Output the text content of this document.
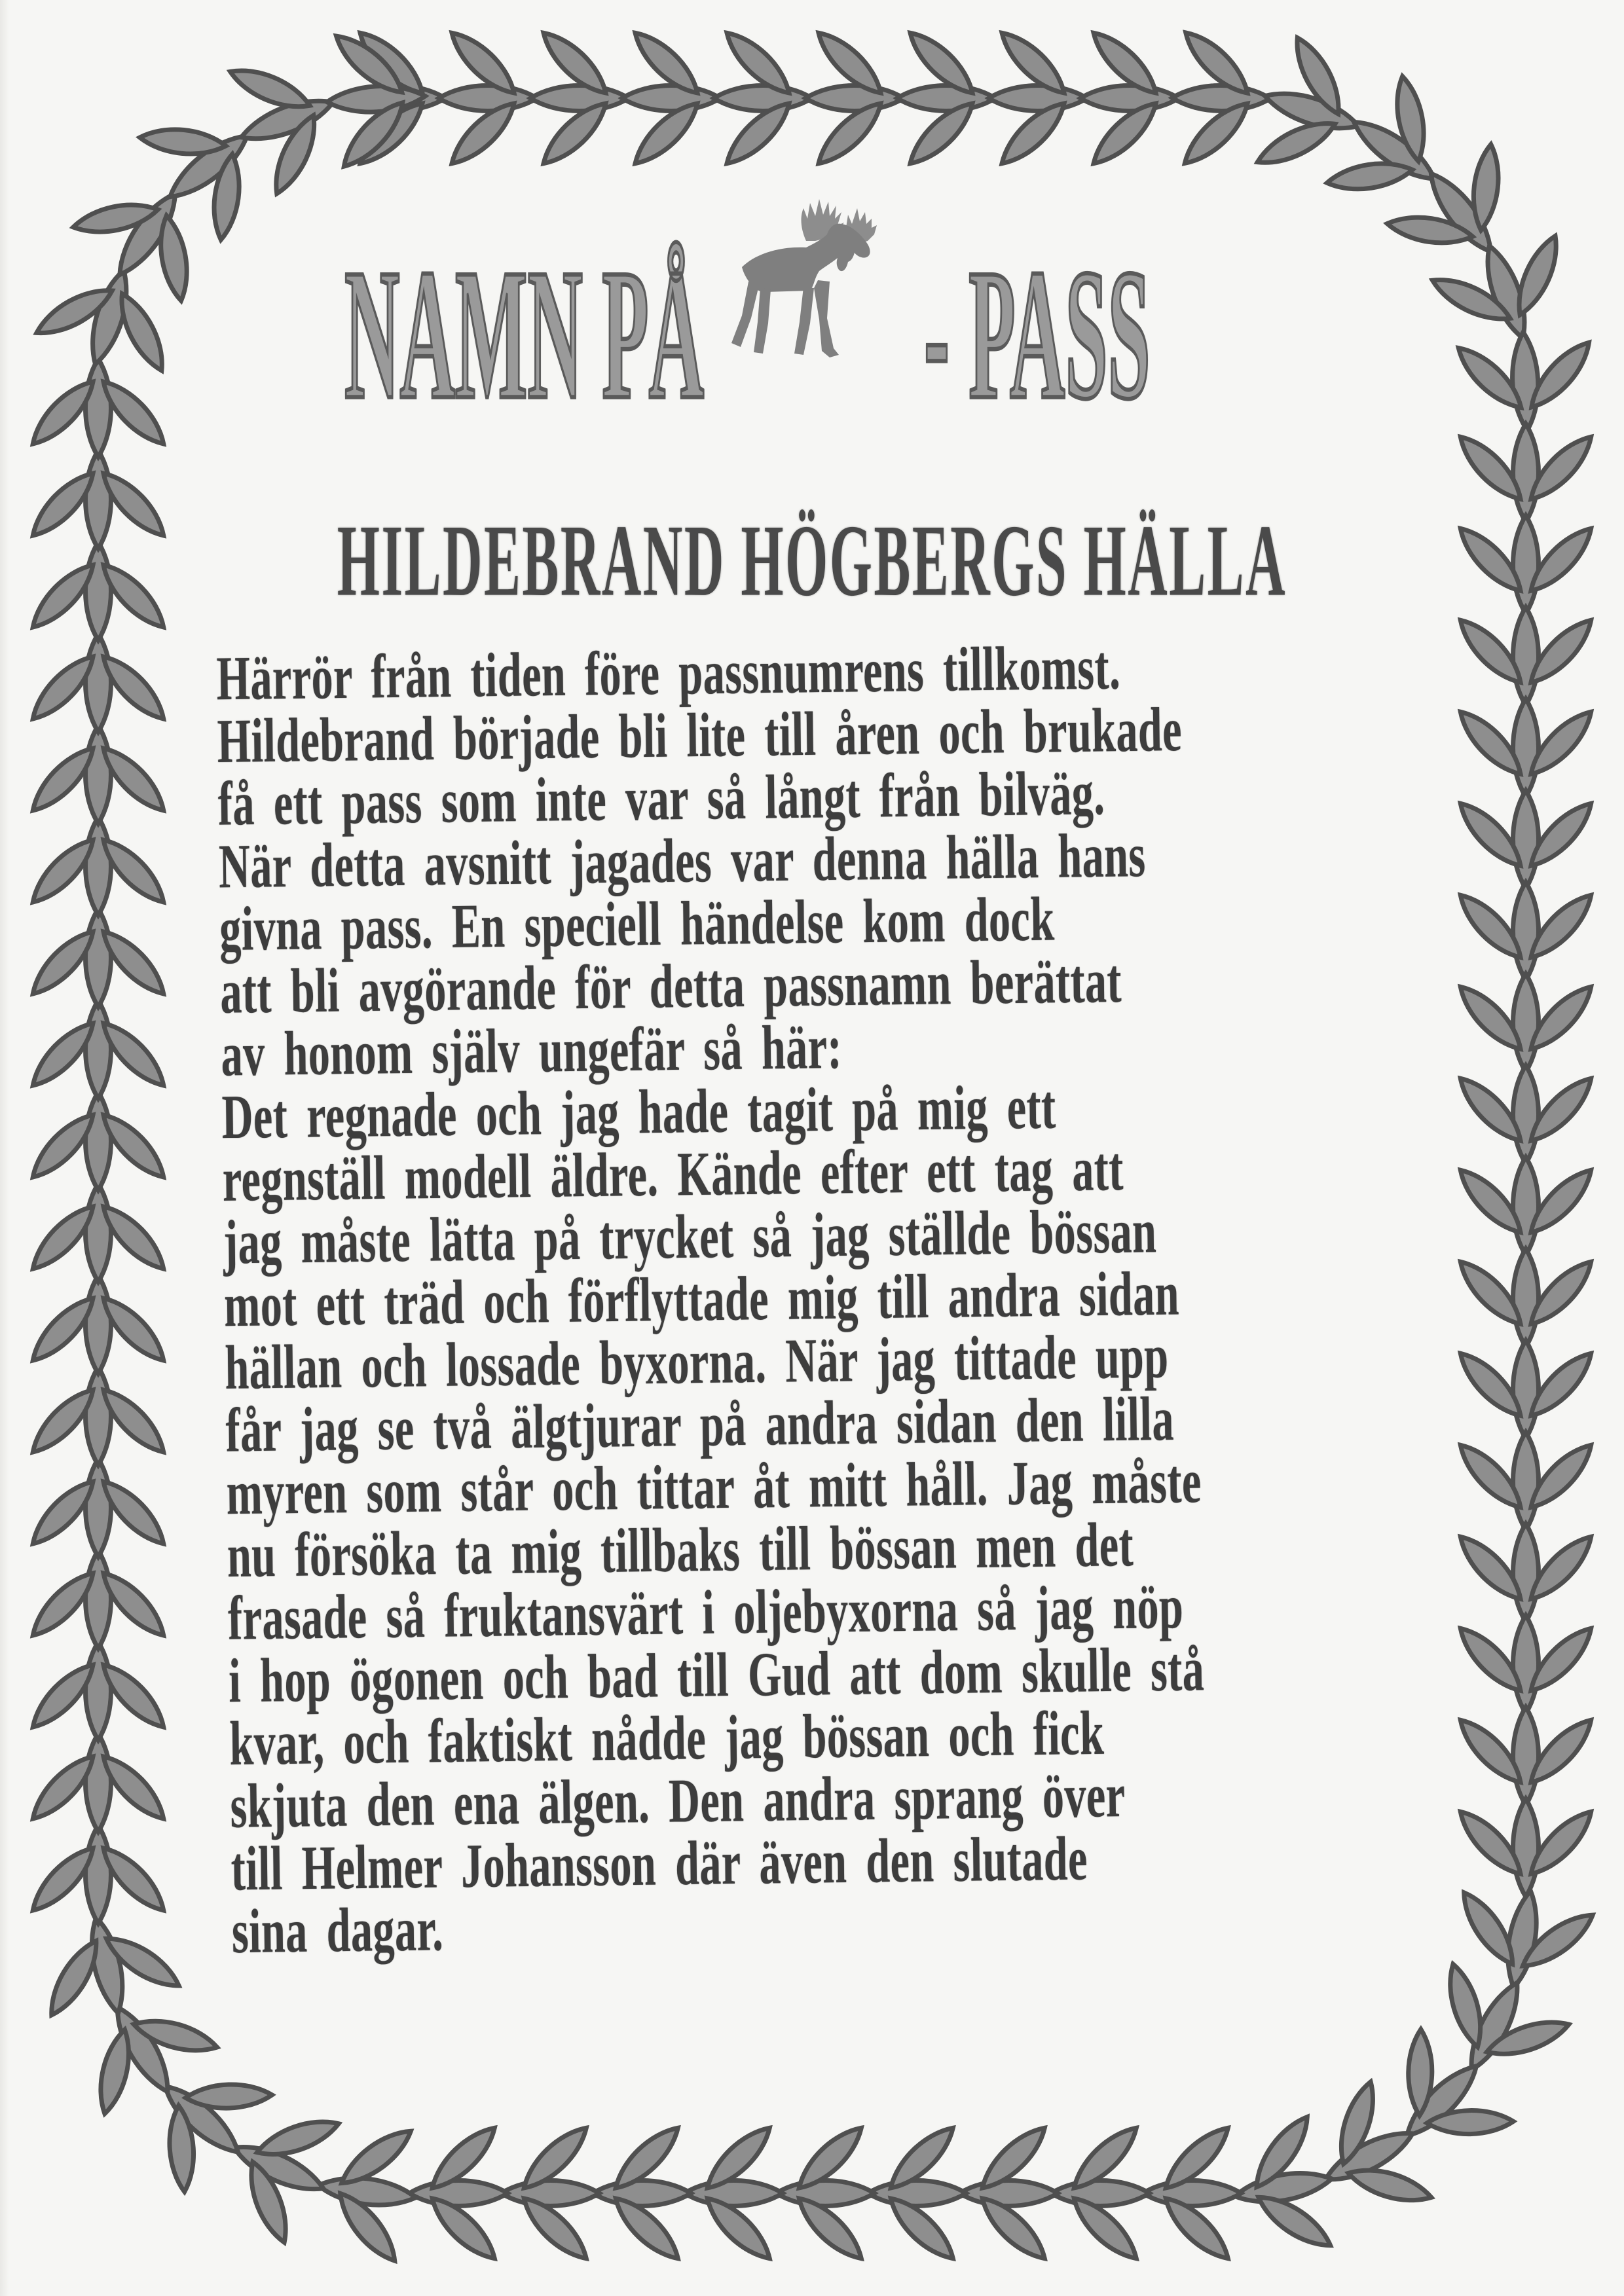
NAMN PÅ	- PASS
HILDEBRAND HÖGBERGS HÄLLA
Härrör från tiden före passnumrens tillkomst.
Hildebrand började bli lite till åren och brukade
få ett pass som inte var så långt från bilväg.
När detta avsnitt jagades var denna hälla hans
givna pass. En speciell händelse kom dock
att bli avgörande för detta passnamn berättat
av honom själv ungefär så här:
Det regnade och jag hade tagit på mig ett
regnställ modell äldre. Kände efter ett tag att
jag måste lätta på trycket så jag ställde bössan
mot ett träd och förflyttade mig till andra sidan
hällan och lossade byxorna. När jag tittade upp
får jag se två älgtjurar på andra sidan den lilla
myren som står och tittar åt mitt håll. Jag måste
nu försöka ta mig tillbaks till bössan men det
frasade så fruktansvärt i oljebyxorna så jag nöp
i hop ögonen och bad till Gud att dom skulle stå
kvar, och faktiskt nådde jag bössan och fick
skjuta den ena älgen. Den andra sprang över
till Helmer Johansson där även den slutade
sina dagar.
